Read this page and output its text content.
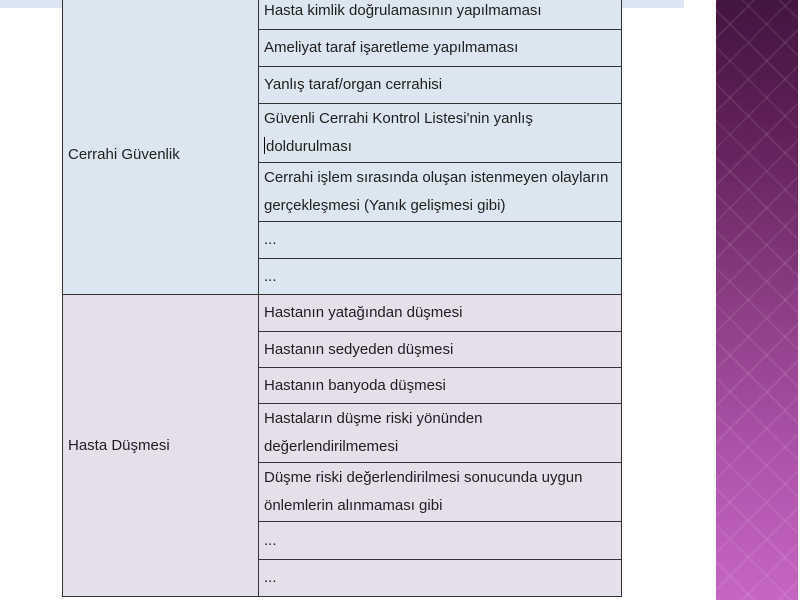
Cerrahi Güvenlik
Hasta kimlik doğrulamasının yapılmaması
Ameliyat taraf işaretleme yapılmaması
Yanlış taraf/organ cerrahisi
Güvenli Cerrahi Kontrol Listesi'nin yanlış
doldurulması
Cerrahi işlem sırasında oluşan istenmeyen olayların
gerçekleşmesi (Yanık gelişmesi gibi)
...
...
Hasta Düşmesi
Hastanın yatağından düşmesi
Hastanın sedyeden düşmesi
Hastanın banyoda düşmesi
Hastaların düşme riski yönünden
değerlendirilmemesi
Düşme riski değerlendirilmesi sonucunda uygun
önlemlerin alınmaması gibi
...
...
